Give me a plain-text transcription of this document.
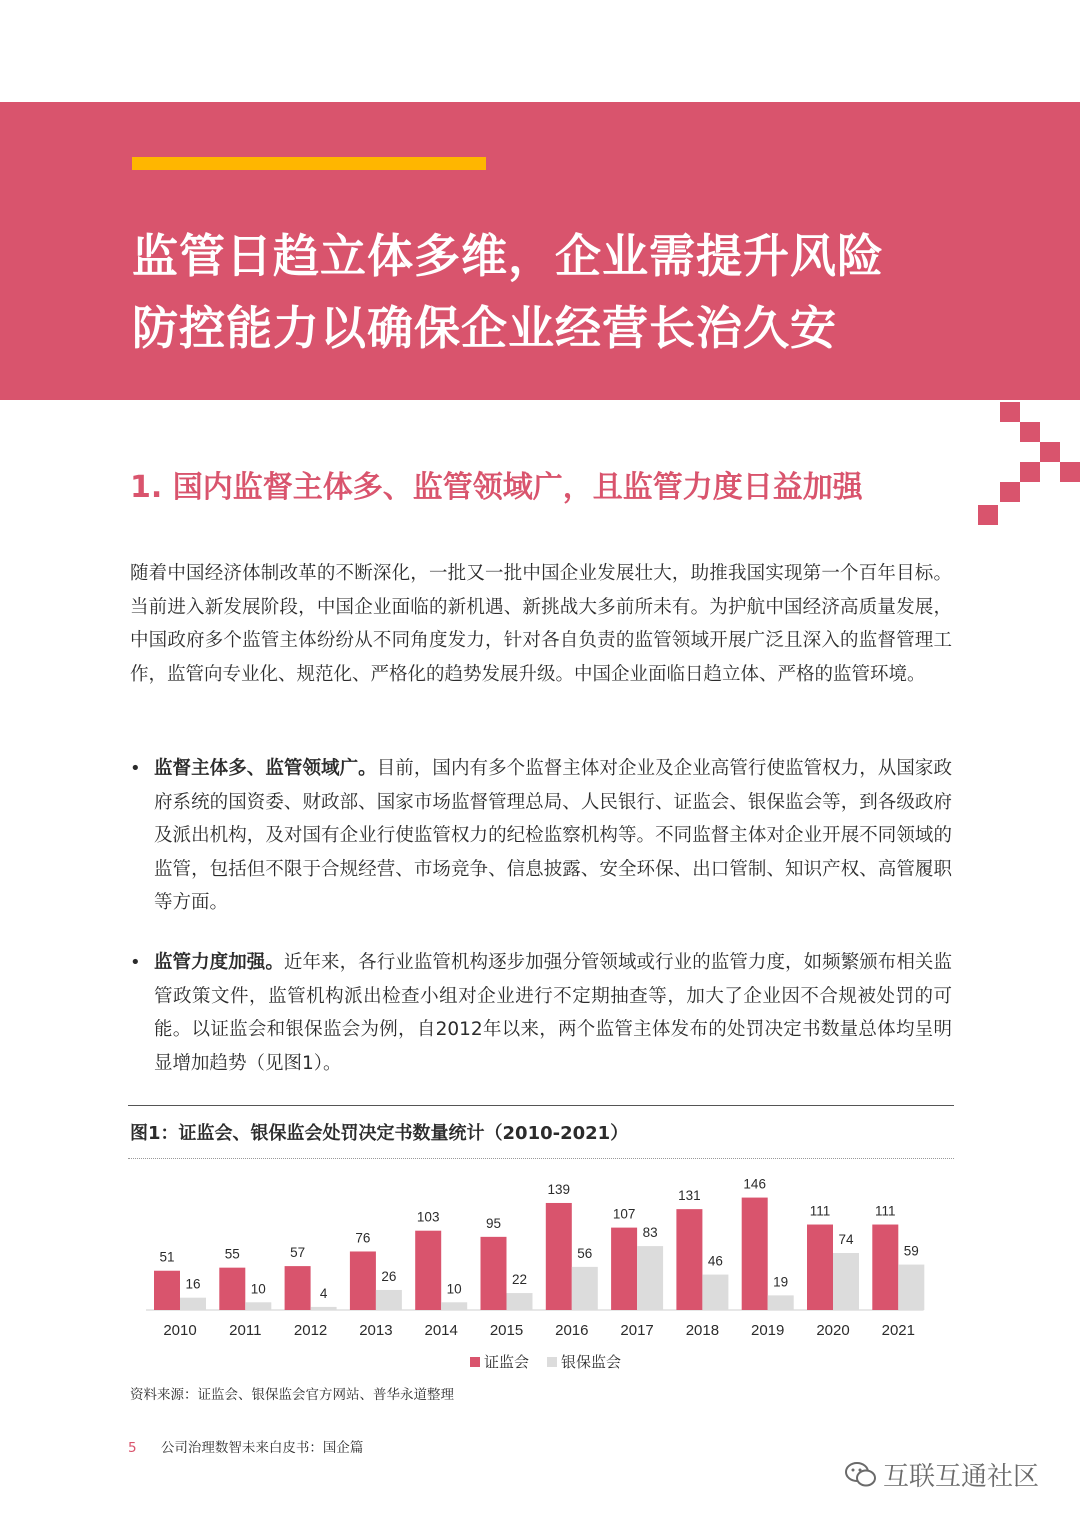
监管日趋立体多维，企业需提升风险
防控能力以确保企业经营长治久安
1. 国内监督主体多、监管领域广，且监管力度日益加强

随着中国经济体制改革的不断深化，一批又一批中国企业发展壮大，助推我国实现第一个百年目标。当前进入新发展阶段，中国企业面临的新机遇、新挑战大多前所未有。为护航中国经济高质量发展，中国政府多个监管主体纷纷从不同角度发力，针对各自负责的监管领域开展广泛且深入的监督管理工作，监管向专业化、规范化、严格化的趋势发展升级。中国企业面临日趋立体、严格的监管环境。

• 监督主体多、监管领域广。目前，国内有多个监督主体对企业及企业高管行使监管权力，从国家政府系统的国资委、财政部、国家市场监督管理总局、人民银行、证监会、银保监会等，到各级政府及派出机构，及对国有企业行使监管权力的纪检监察机构等。不同监督主体对企业开展不同领域的监管，包括但不限于合规经营、市场竞争、信息披露、安全环保、出口管制、知识产权、高管履职等方面。
• 监管力度加强。近年来，各行业监管机构逐步加强分管领域或行业的监管力度，如频繁颁布相关监管政策文件，监管机构派出检查小组对企业进行不定期抽查等，加大了企业因不合规被处罚的可能。以证监会和银保监会为例，自2012年以来，两个监管主体发布的处罚决定书数量总体均呈明显增加趋势（见图1）。
图1：证监会、银保监会处罚决定书数量统计（2010-2021）
51
16
2010
55
10
2011
57
4
2012
76
26
2013
103
10
2014
95
22
2015
139
56
2016
107
83
2017
131
46
2018
146
19
2019
111
74
2020
111
59
2021
证监会 银保监会
资料来源：证监会、银保监会官方网站、普华永道整理
5 公司治理数智未来白皮书：国企篇
互联互通社区
